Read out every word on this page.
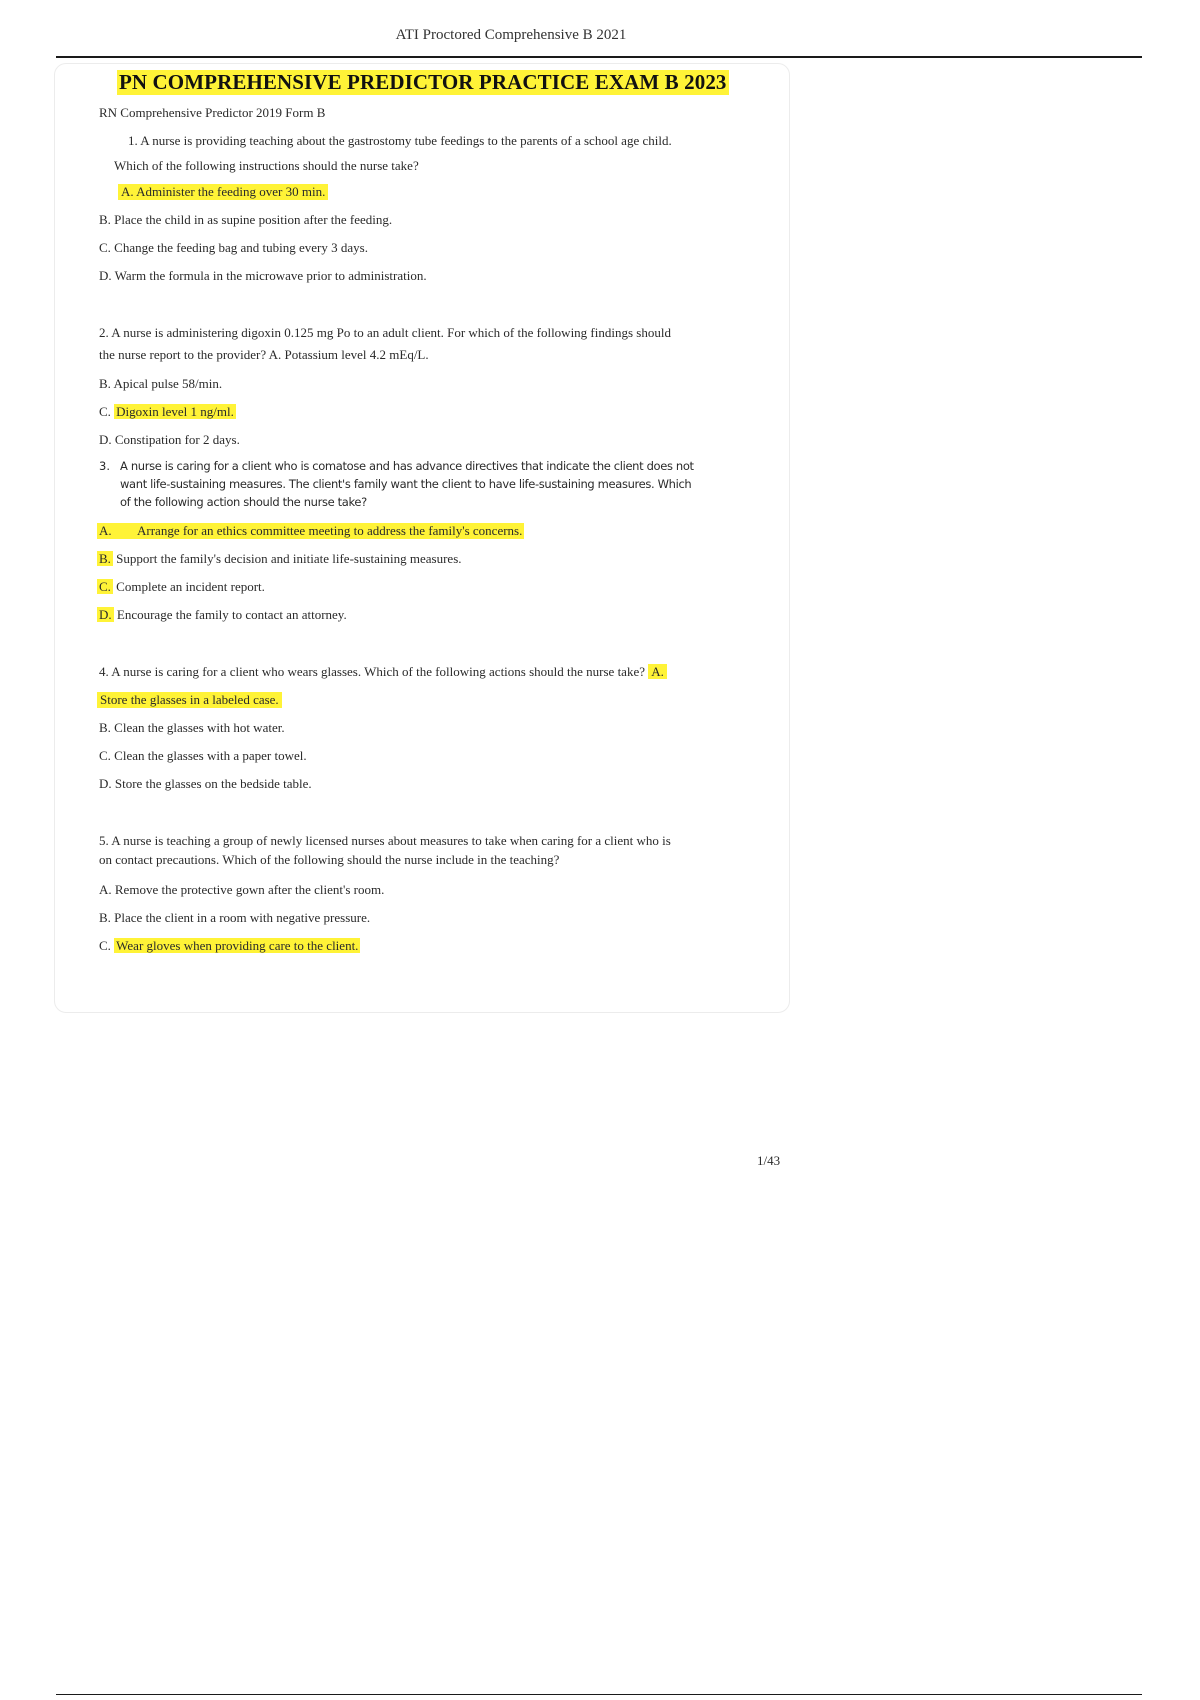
ATI Proctored Comprehensive B 2021
PN COMPREHENSIVE PREDICTOR PRACTICE EXAM B 2023
RN Comprehensive Predictor 2019 Form B
1. A nurse is providing teaching about the gastrostomy tube feedings to the parents of a school age child.
Which of the following instructions should the nurse take?
A. Administer the feeding over 30 min.
B. Place the child in as supine position after the feeding.
C. Change the feeding bag and tubing every 3 days.
D. Warm the formula in the microwave prior to administration.
2. A nurse is administering digoxin 0.125 mg Po to an adult client. For which of the following findings should
the nurse report to the provider? A. Potassium level 4.2 mEq/L.
B. Apical pulse 58/min.
C. Digoxin level 1 ng/ml.
D. Constipation for 2 days.
3. A nurse is caring for a client who is comatose and has advance directives that indicate the client does not
want life-sustaining measures. The client's family want the client to have life-sustaining measures. Which
of the following action should the nurse take?
A. Arrange for an ethics committee meeting to address the family's concerns.
B. Support the family's decision and initiate life-sustaining measures.
C. Complete an incident report.
D. Encourage the family to contact an attorney.
4. A nurse is caring for a client who wears glasses. Which of the following actions should the nurse take? A.
Store the glasses in a labeled case.
B. Clean the glasses with hot water.
C. Clean the glasses with a paper towel.
D. Store the glasses on the bedside table.
5. A nurse is teaching a group of newly licensed nurses about measures to take when caring for a client who is
on contact precautions. Which of the following should the nurse include in the teaching?
A. Remove the protective gown after the client's room.
B. Place the client in a room with negative pressure.
C. Wear gloves when providing care to the client.
1/43
